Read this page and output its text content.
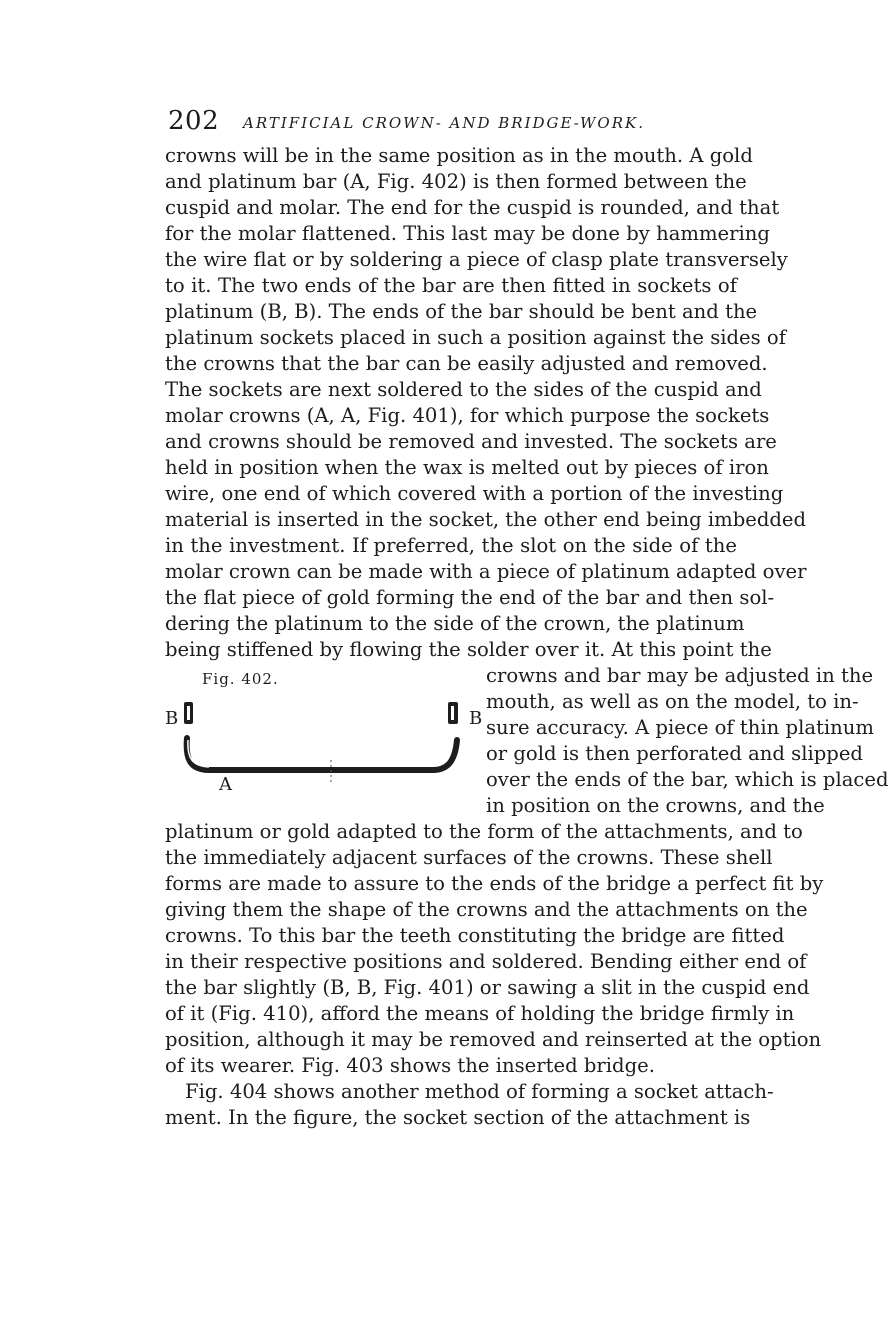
202 ARTIFICIAL CROWN- AND BRIDGE-WORK.
crowns will be in the same position as in the mouth. A gold
and platinum bar (A, Fig. 402) is then formed between the
cuspid and molar. The end for the cuspid is rounded, and that
for the molar flattened. This last may be done by hammering
the wire flat or by soldering a piece of clasp plate transversely
to it. The two ends of the bar are then fitted in sockets of
platinum (B, B). The ends of the bar should be bent and the
platinum sockets placed in such a position against the sides of
the crowns that the bar can be easily adjusted and removed.
The sockets are next soldered to the sides of the cuspid and
molar crowns (A, A, Fig. 401), for which purpose the sockets
and crowns should be removed and invested. The sockets are
held in position when the wax is melted out by pieces of iron
wire, one end of which covered with a portion of the investing
material is inserted in the socket, the other end being imbedded
in the investment. If preferred, the slot on the side of the
molar crown can be made with a piece of platinum adapted over
the flat piece of gold forming the end of the bar and then sol-
dering the platinum to the side of the crown, the platinum
being stiffened by flowing the solder over it. At this point the
crowns and bar may be adjusted in the
mouth, as well as on the model, to in-
sure accuracy. A piece of thin platinum
or gold is then perforated and slipped
over the ends of the bar, which is placed
in position on the crowns, and the
Fig. 402.
B	B
A
platinum or gold adapted to the form of the attachments, and to
the immediately adjacent surfaces of the crowns. These shell
forms are made to assure to the ends of the bridge a perfect fit by
giving them the shape of the crowns and the attachments on the
crowns. To this bar the teeth constituting the bridge are fitted
in their respective positions and soldered. Bending either end of
the bar slightly (B, B, Fig. 401) or sawing a slit in the cuspid end
of it (Fig. 410), afford the means of holding the bridge firmly in
position, although it may be removed and reinserted at the option
of its wearer. Fig. 403 shows the inserted bridge.
Fig. 404 shows another method of forming a socket attach-
ment. In the figure, the socket section of the attachment is
